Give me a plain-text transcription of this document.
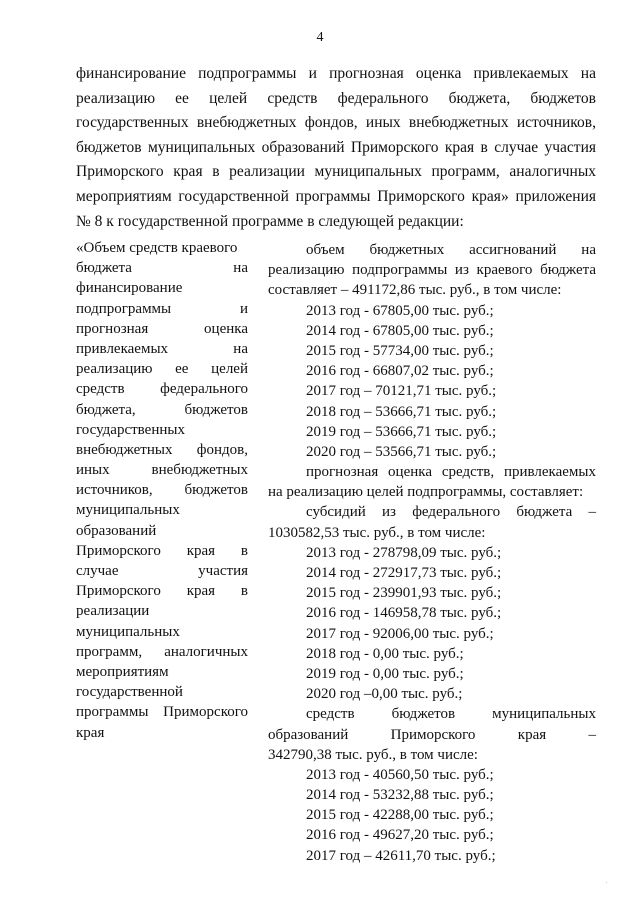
4
финансирование подпрограммы и прогнозная оценка привлекаемых на
реализацию ее целей средств федерального бюджета, бюджетов
государственных внебюджетных фондов, иных внебюджетных источников,
бюджетов муниципальных образований Приморского края в случае участия
Приморского края в реализации муниципальных программ, аналогичных
мероприятиям государственной программы Приморского края» приложения
№ 8 к государственной программе в следующей редакции:
«Объем средств краевого
бюджета на
финансирование
подпрограммы и
прогнозная оценка
привлекаемых на
реализацию ее целей
средств федерального
бюджета, бюджетов
государственных
внебюджетных фондов,
иных внебюджетных
источников, бюджетов
муниципальных
образований
Приморского края в
случае участия
Приморского края в
реализации
муниципальных
программ, аналогичных
мероприятиям
государственной
программы Приморского
края
объем бюджетных ассигнований на
реализацию подпрограммы из краевого бюджета
составляет – 491172,86 тыс. руб., в том числе:
2013 год - 67805,00 тыс. руб.;
2014 год - 67805,00 тыс. руб.;
2015 год - 57734,00 тыс. руб.;
2016 год - 66807,02 тыс. руб.;
2017 год – 70121,71 тыс. руб.;
2018 год – 53666,71 тыс. руб.;
2019 год – 53666,71 тыс. руб.;
2020 год – 53566,71 тыс. руб.;
прогнозная оценка средств, привлекаемых
на реализацию целей подпрограммы, составляет:
субсидий из федерального бюджета –
1030582,53 тыс. руб., в том числе:
2013 год - 278798,09 тыс. руб.;
2014 год - 272917,73 тыс. руб.;
2015 год - 239901,93 тыс. руб.;
2016 год - 146958,78 тыс. руб.;
2017 год - 92006,00 тыс. руб.;
2018 год - 0,00 тыс. руб.;
2019 год - 0,00 тыс. руб.;
2020 год –0,00 тыс. руб.;
средств бюджетов муниципальных
образований Приморского края –
342790,38 тыс. руб., в том числе:
2013 год - 40560,50 тыс. руб.;
2014 год - 53232,88 тыс. руб.;
2015 год - 42288,00 тыс. руб.;
2016 год - 49627,20 тыс. руб.;
2017 год – 42611,70 тыс. руб.;
